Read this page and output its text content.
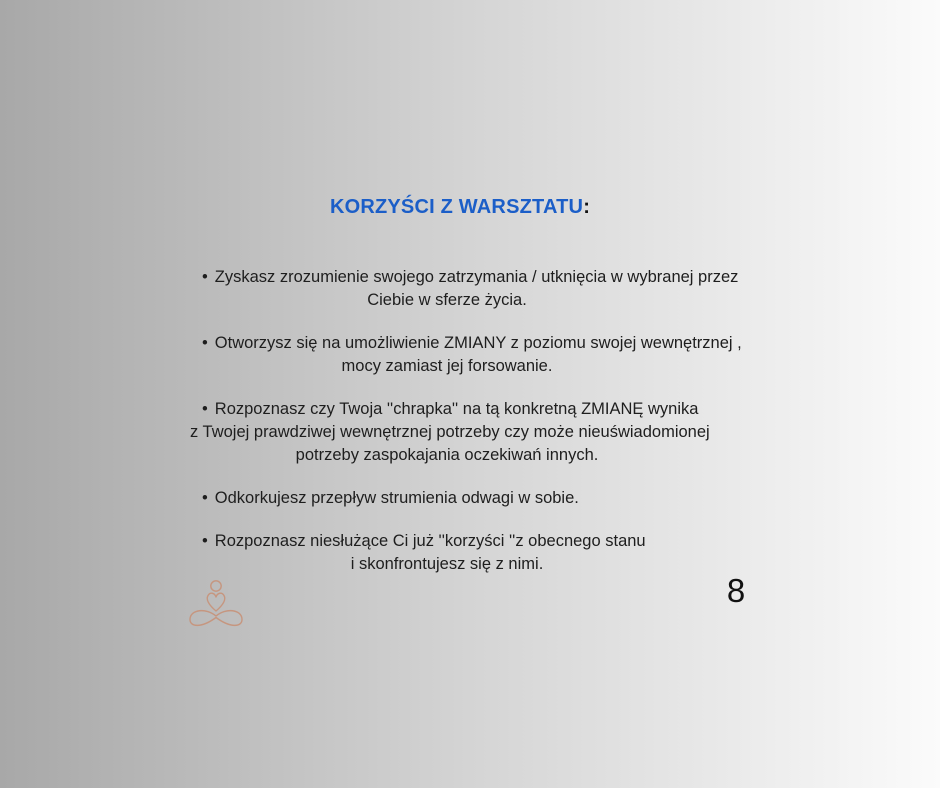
KORZYŚCI Z WARSZTATU:
• Zyskasz zrozumienie swojego zatrzymania / utknięcia w wybranej przez
Ciebie w sferze życia.
• Otworzysz się na umożliwienie ZMIANY z poziomu swojej wewnętrznej ,
mocy zamiast jej forsowanie.
• Rozpoznasz czy Twoja ''chrapka'' na tą konkretną ZMIANĘ wynika
z Twojej prawdziwej wewnętrznej potrzeby czy może nieuświadomionej
potrzeby zaspokajania oczekiwań innych.
• Odkorkujesz przepływ strumienia odwagi w sobie.
• Rozpoznasz niesłużące Ci już ''korzyści ''z obecnego stanu
i skonfrontujesz się z nimi.
8
